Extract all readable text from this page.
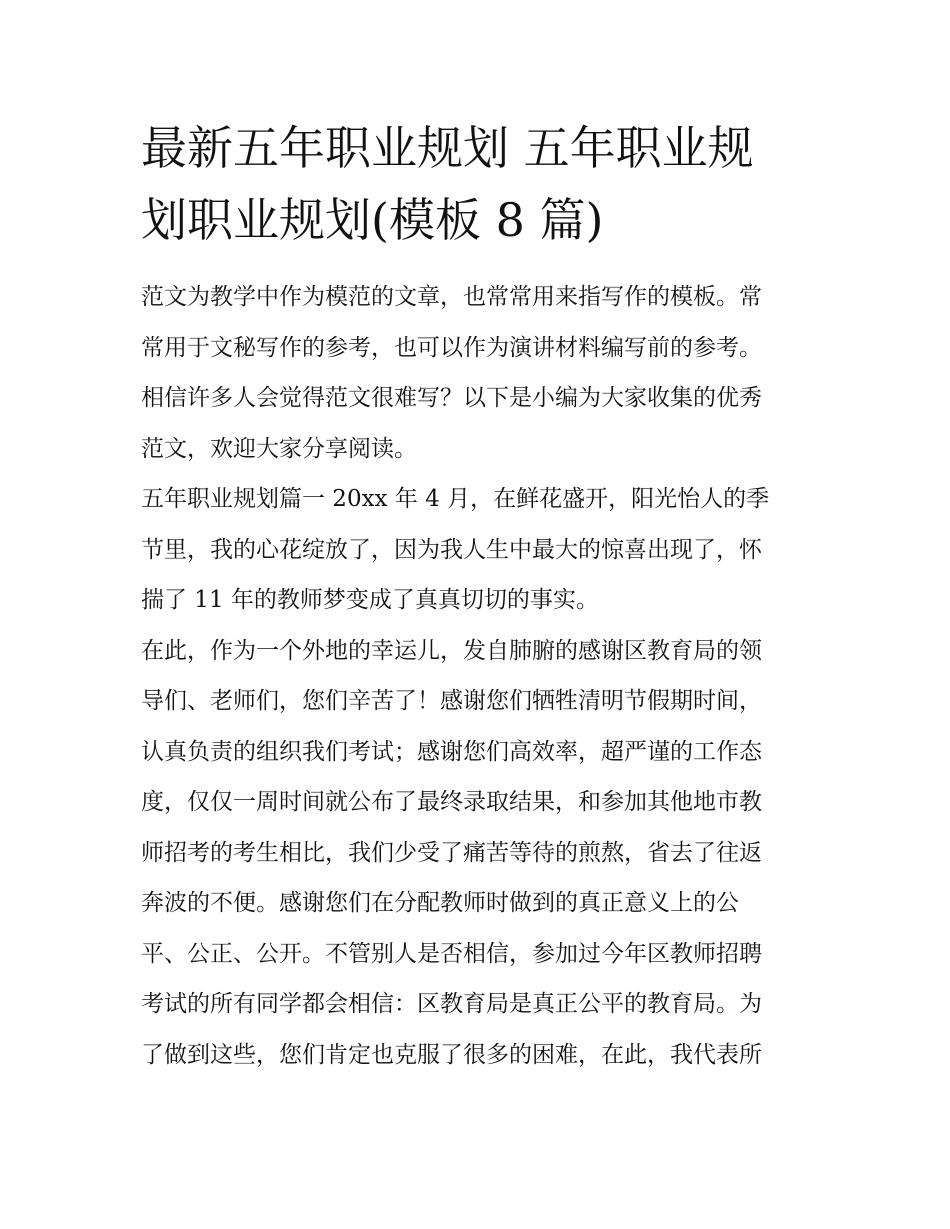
最新五年职业规划 五年职业规
划职业规划(模板 8 篇)
范文为教学中作为模范的文章，也常常用来指写作的模板。常
常用于文秘写作的参考，也可以作为演讲材料编写前的参考。
相信许多人会觉得范文很难写？以下是小编为大家收集的优秀
范文，欢迎大家分享阅读。
五年职业规划篇一 20xx 年 4 月，在鲜花盛开，阳光怡人的季
节里，我的心花绽放了，因为我人生中最大的惊喜出现了，怀
揣了 11 年的教师梦变成了真真切切的事实。
在此，作为一个外地的幸运儿，发自肺腑的感谢区教育局的领
导们、老师们，您们辛苦了！感谢您们牺牲清明节假期时间，
认真负责的组织我们考试；感谢您们高效率，超严谨的工作态
度，仅仅一周时间就公布了最终录取结果，和参加其他地市教
师招考的考生相比，我们少受了痛苦等待的煎熬，省去了往返
奔波的不便。感谢您们在分配教师时做到的真正意义上的公
平、公正、公开。不管别人是否相信，参加过今年区教师招聘
考试的所有同学都会相信：区教育局是真正公平的教育局。为
了做到这些，您们肯定也克服了很多的困难，在此，我代表所
